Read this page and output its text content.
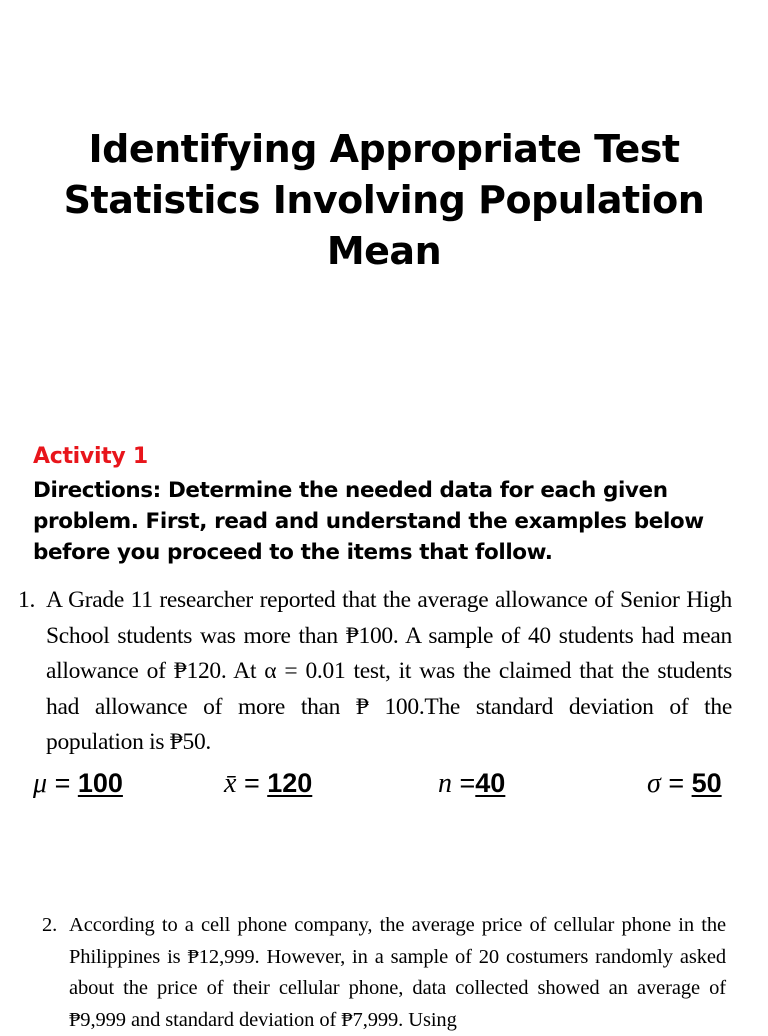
Identifying Appropriate Test Statistics Involving Population Mean
Activity 1

Directions: Determine the needed data for each given problem. First, read and understand the examples below before you proceed to the items that follow.

1. A Grade 11 researcher reported that the average allowance of Senior High School students was more than ₱100. A sample of 40 students had mean allowance of ₱120. At α = 0.01 test, it was the claimed that the students had allowance of more than ₱ 100.The standard deviation of the population is ₱50.
μ = 100	x̄ = 120	n =40	σ = 50
2. According to a cell phone company, the average price of cellular phone in the Philippines is ₱12,999. However, in a sample of 20 costumers randomly asked about the price of their cellular phone, data collected showed an average of ₱9,999 and standard deviation of ₱7,999. Using
